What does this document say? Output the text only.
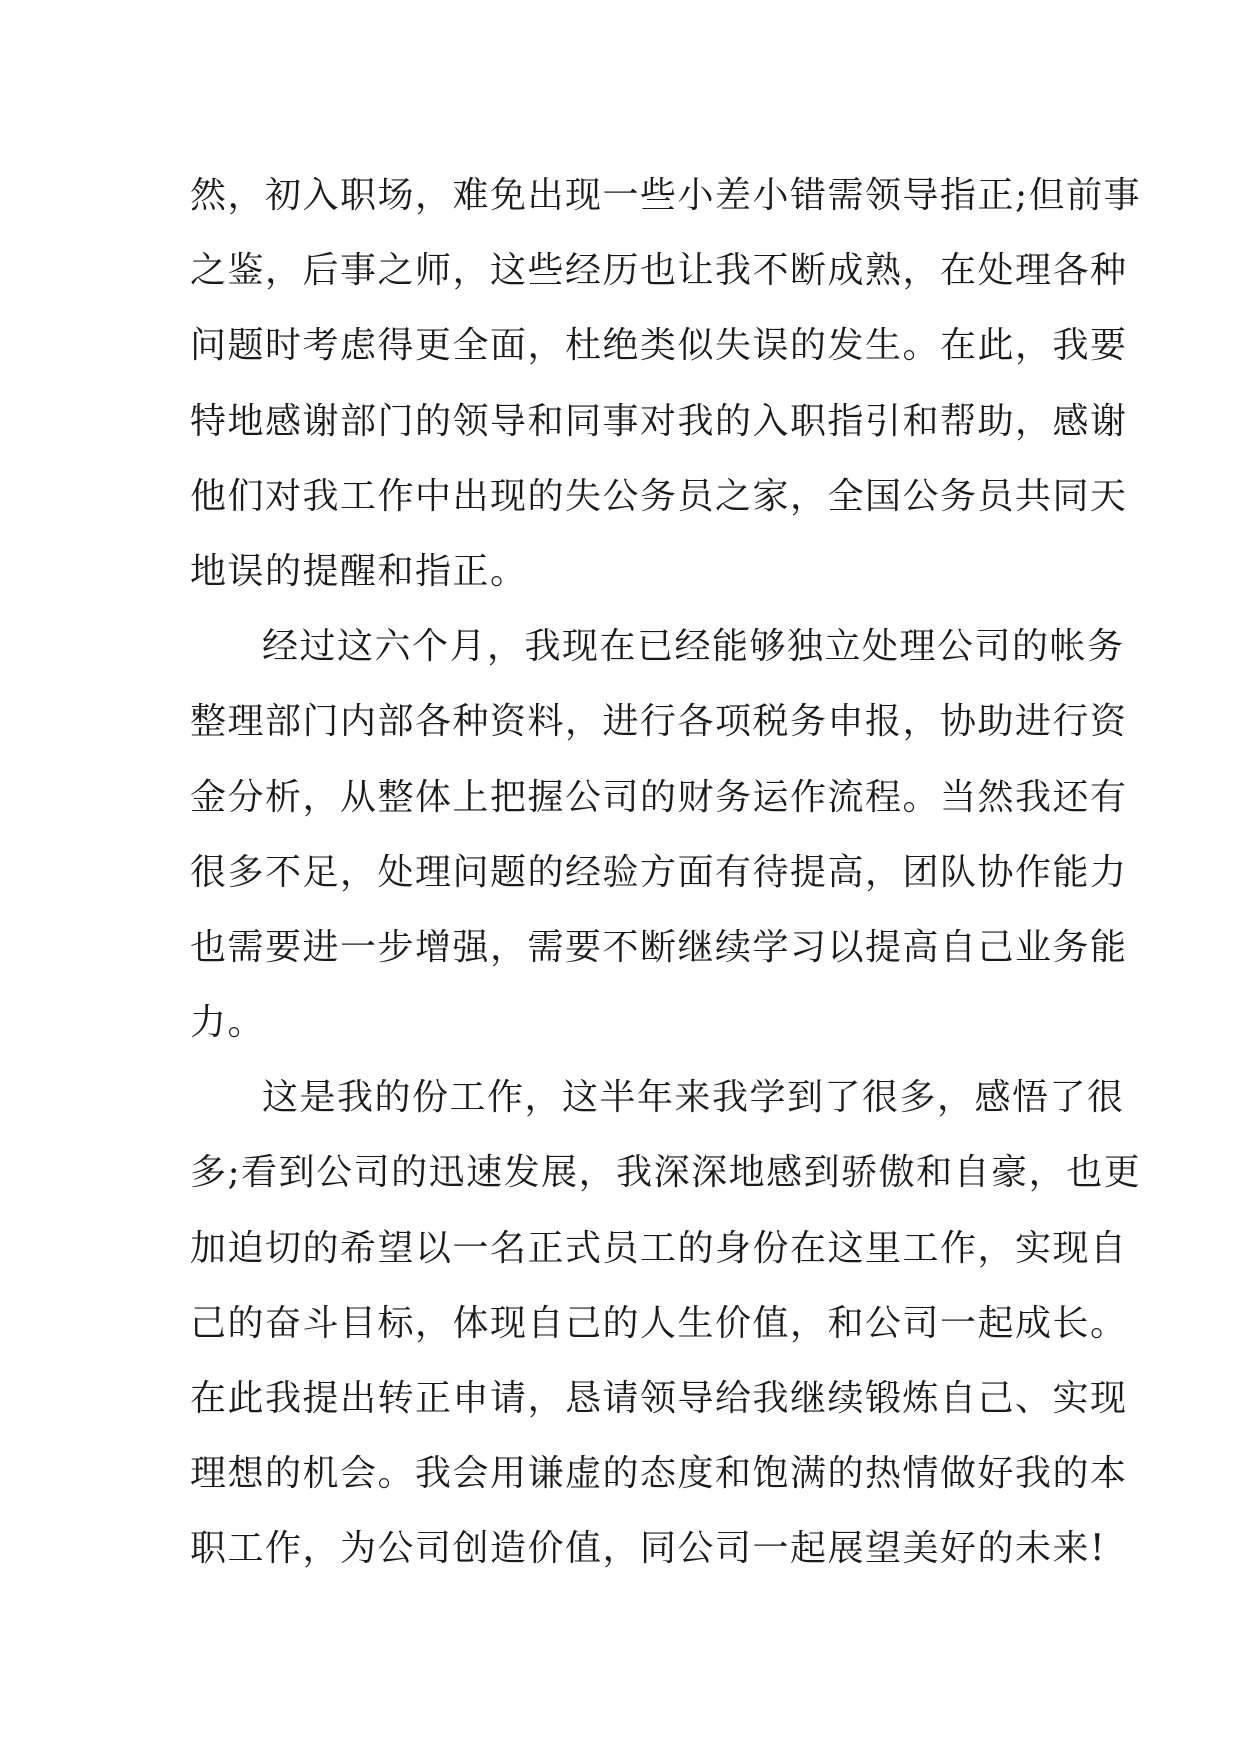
然，初入职场，难免出现一些小差小错需领导指正;但前事
之鉴，后事之师，这些经历也让我不断成熟，在处理各种
问题时考虑得更全面，杜绝类似失误的发生。在此，我要
特地感谢部门的领导和同事对我的入职指引和帮助，感谢
他们对我工作中出现的失公务员之家，全国公务员共同天
地误的提醒和指正。
经过这六个月，我现在已经能够独立处理公司的帐务
整理部门内部各种资料，进行各项税务申报，协助进行资
金分析，从整体上把握公司的财务运作流程。当然我还有
很多不足，处理问题的经验方面有待提高，团队协作能力
也需要进一步增强，需要不断继续学习以提高自己业务能
力。
这是我的份工作，这半年来我学到了很多，感悟了很
多;看到公司的迅速发展，我深深地感到骄傲和自豪，也更
加迫切的希望以一名正式员工的身份在这里工作，实现自
己的奋斗目标，体现自己的人生价值，和公司一起成长。
在此我提出转正申请，恳请领导给我继续锻炼自己、实现
理想的机会。我会用谦虚的态度和饱满的热情做好我的本
职工作，为公司创造价值，同公司一起展望美好的未来!
